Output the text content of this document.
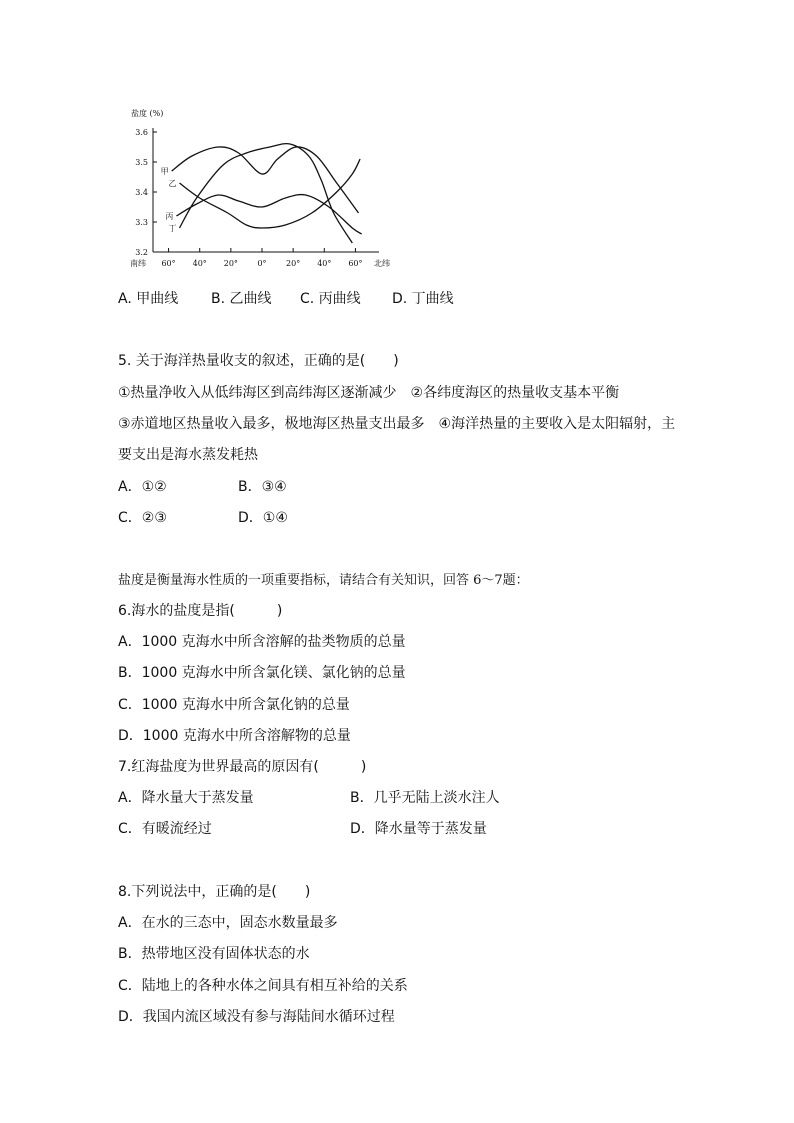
盐度 (%)
3.6
3.5
3.4
3.3
3.2
60° 40° 20° 0° 20° 40° 60°
南纬	北纬
甲
乙
丙
丁
A. 甲曲线 B. 乙曲线 C. 丙曲线 D. 丁曲线
5. 关于海洋热量收支的叙述，正确的是(　　)
①热量净收入从低纬海区到高纬海区逐渐减少　②各纬度海区的热量收支基本平衡
③赤道地区热量收入最多，极地海区热量支出最多　④海洋热量的主要收入是太阳辐射，主
要支出是海水蒸发耗热
A．①②	B．③④
C．②③	D．①④
盐度是衡量海水性质的一项重要指标，请结合有关知识，回答 6～7题：
6.海水的盐度是指(　　　)
A．1000 克海水中所含溶解的盐类物质的总量
B．1000 克海水中所含氯化镁、氯化钠的总量
C．1000 克海水中所含氯化钠的总量
D．1000 克海水中所含溶解物的总量
7.红海盐度为世界最高的原因有(　　　)
A．降水量大于蒸发量	B．几乎无陆上淡水注人
C．有暖流经过	D．降水量等于蒸发量
8.下列说法中，正确的是(　　)
A．在水的三态中，固态水数量最多
B．热带地区没有固体状态的水
C．陆地上的各种水体之间具有相互补给的关系
D．我国内流区域没有参与海陆间水循环过程
